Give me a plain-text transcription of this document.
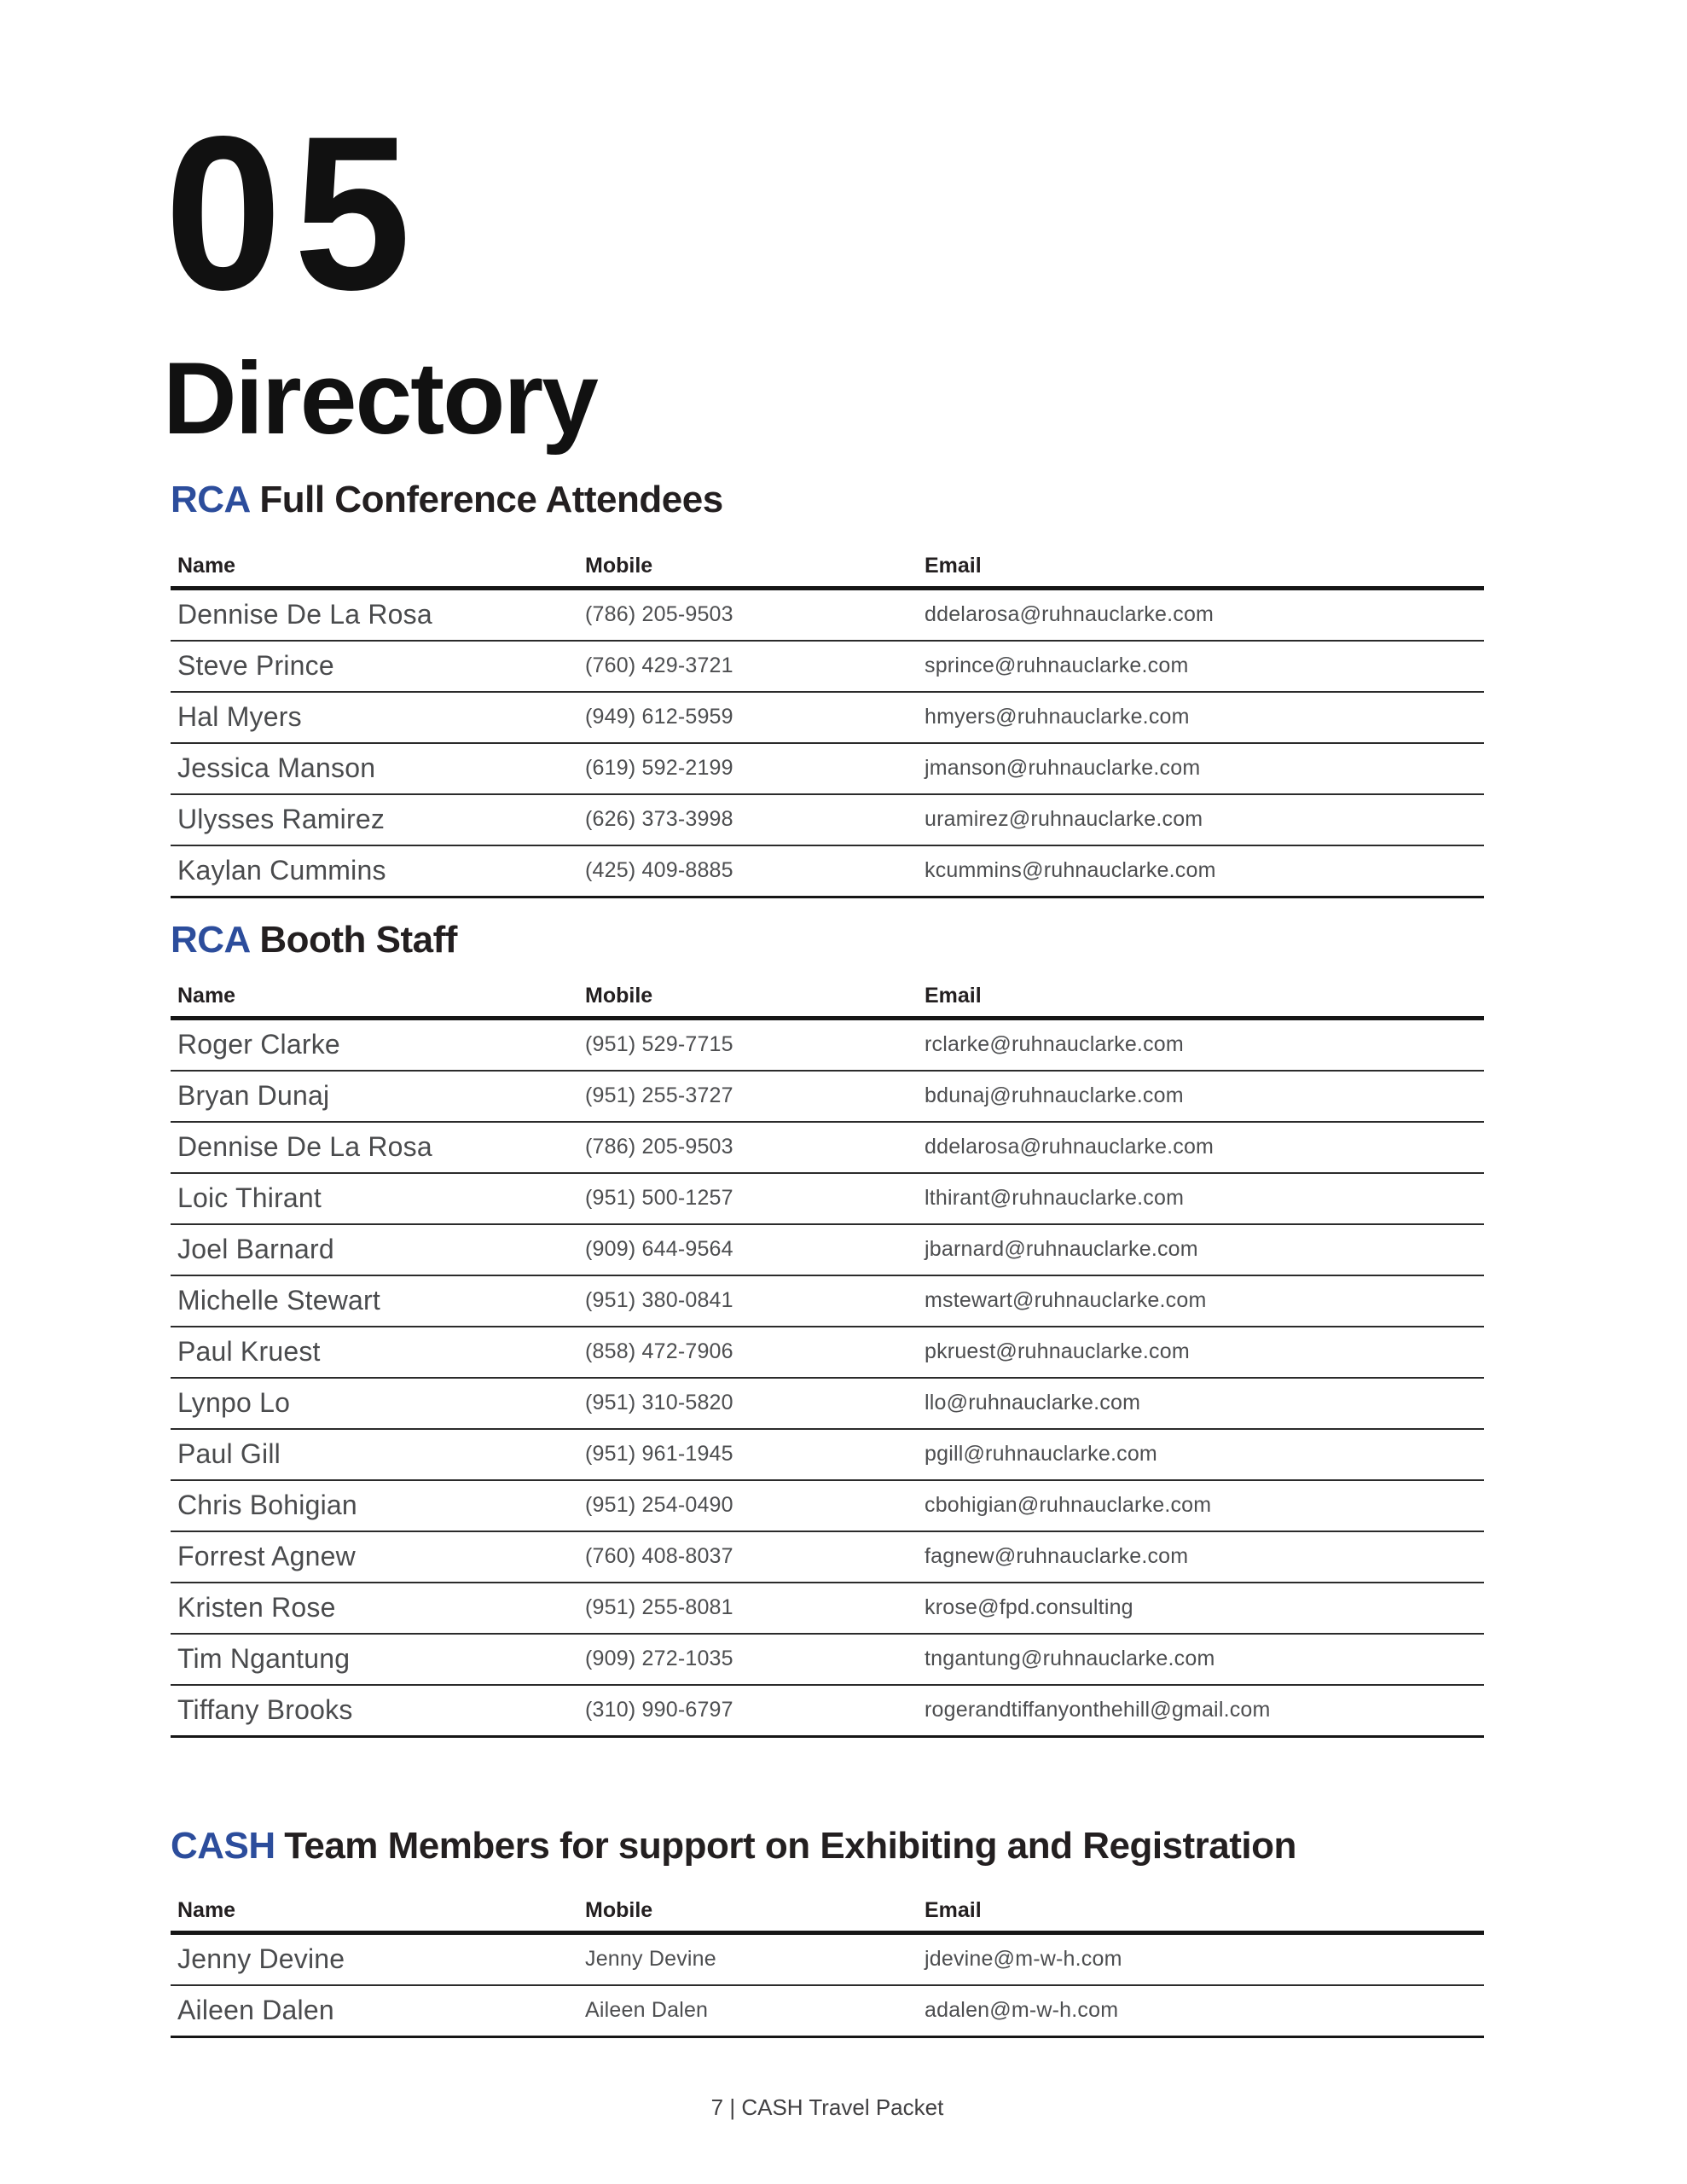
05
Directory
RCA Full Conference Attendees
Name	Mobile	Email
Dennise De La Rosa	(786) 205-9503	ddelarosa@ruhnauclarke.com
Steve Prince	(760) 429-3721	sprince@ruhnauclarke.com
Hal Myers	(949) 612-5959	hmyers@ruhnauclarke.com
Jessica Manson	(619) 592-2199	jmanson@ruhnauclarke.com
Ulysses Ramirez	(626) 373-3998	uramirez@ruhnauclarke.com
Kaylan Cummins	(425) 409-8885	kcummins@ruhnauclarke.com
RCA Booth Staff
Name	Mobile	Email
Roger Clarke	(951) 529-7715	rclarke@ruhnauclarke.com
Bryan Dunaj	(951) 255-3727	bdunaj@ruhnauclarke.com
Dennise De La Rosa	(786) 205-9503	ddelarosa@ruhnauclarke.com
Loic Thirant	(951) 500-1257	lthirant@ruhnauclarke.com
Joel Barnard	(909) 644-9564	jbarnard@ruhnauclarke.com
Michelle Stewart	(951) 380-0841	mstewart@ruhnauclarke.com
Paul Kruest	(858) 472-7906	pkruest@ruhnauclarke.com
Lynpo Lo	(951) 310-5820	llo@ruhnauclarke.com
Paul Gill	(951) 961-1945	pgill@ruhnauclarke.com
Chris Bohigian	(951) 254-0490	cbohigian@ruhnauclarke.com
Forrest Agnew	(760) 408-8037	fagnew@ruhnauclarke.com
Kristen Rose	(951) 255-8081	krose@fpd.consulting
Tim Ngantung	(909) 272-1035	tngantung@ruhnauclarke.com
Tiffany Brooks	(310) 990-6797	rogerandtiffanyonthehill@gmail.com
CASH Team Members for support on Exhibiting and Registration
Name	Mobile	Email
Jenny Devine	Jenny Devine	jdevine@m-w-h.com
Aileen Dalen	Aileen Dalen	adalen@m-w-h.com
7 | CASH Travel Packet
